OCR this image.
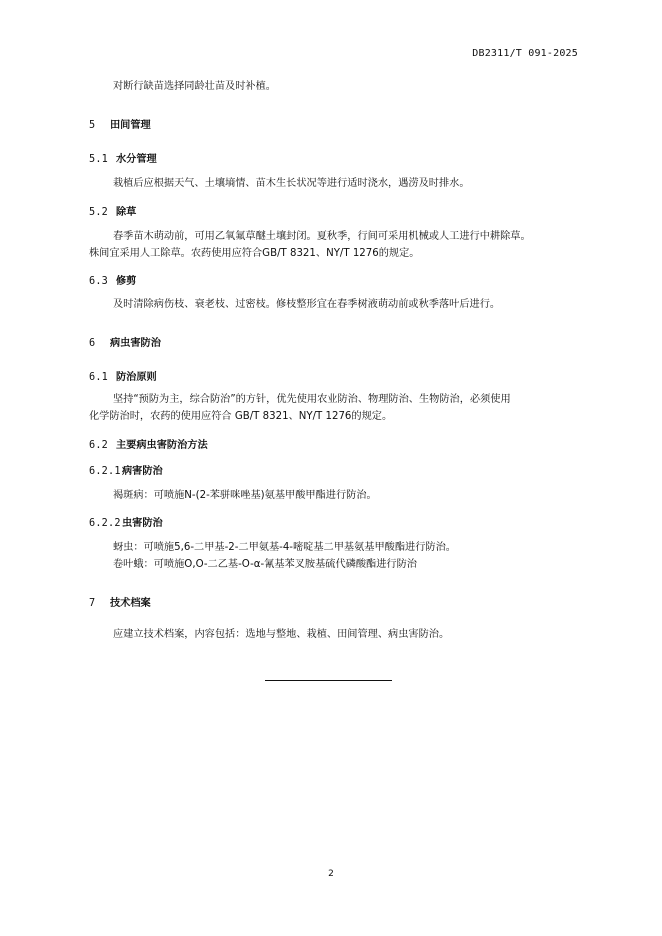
DB2311/T 091-2025
对断行缺苗选择同龄壮苗及时补植。
5 田间管理
5.1 水分管理
栽植后应根据天气、土壤墒情、苗木生长状况等进行适时浇水，遇涝及时排水。
5.2 除草
春季苗木萌动前，可用乙氧氟草醚土壤封闭。夏秋季，行间可采用机械或人工进行中耕除草。
株间宜采用人工除草。农药使用应符合GB/T 8321、NY/T 1276的规定。
6.3 修剪
及时清除病伤枝、衰老枝、过密枝。修枝整形宜在春季树液萌动前或秋季落叶后进行。
6 病虫害防治
6.1 防治原则
坚持“预防为主，综合防治”的方针，优先使用农业防治、物理防治、生物防治，必须使用
化学防治时，农药的使用应符合 GB/T 8321、NY/T 1276的规定。
6.2 主要病虫害防治方法
6.2.1病害防治
褐斑病：可喷施N-(2-苯骈咪唑基)氨基甲酸甲酯进行防治。
6.2.2虫害防治
蚜虫：可喷施5,6-二甲基-2-二甲氨基-4-嘧啶基二甲基氨基甲酸酯进行防治。
卷叶蛾：可喷施O,O-二乙基-O-α-氰基苯叉胺基硫代磷酸酯进行防治
7 技术档案
应建立技术档案，内容包括：选地与整地、栽植、田间管理、病虫害防治。
2
